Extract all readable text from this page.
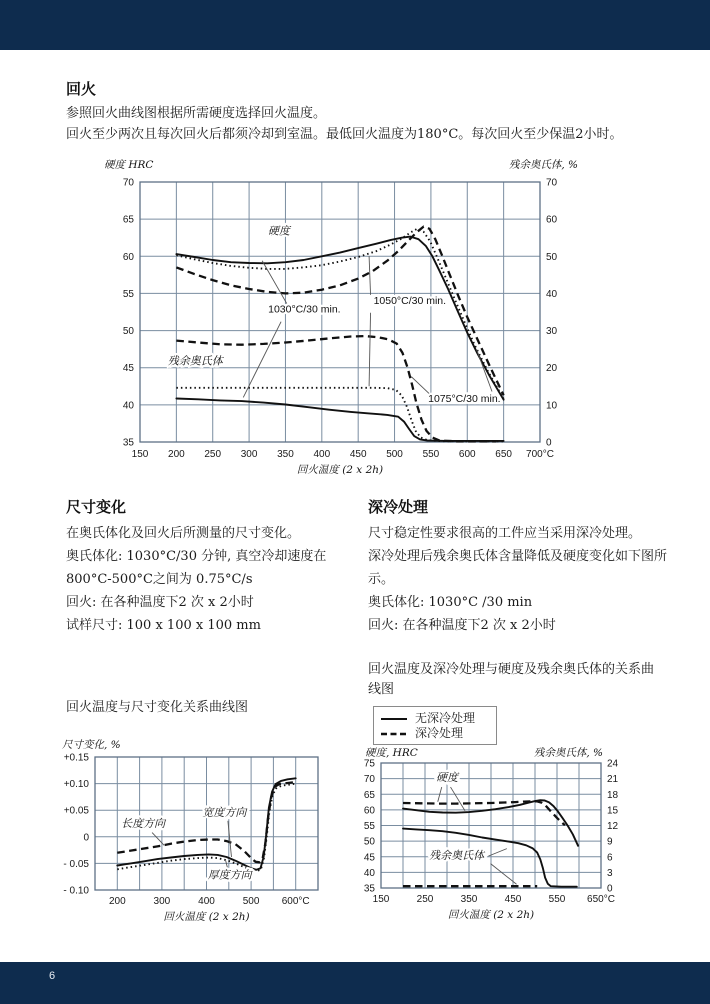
回火
参照回火曲线图根据所需硬度选择回火温度。
回火至少两次且每次回火后都须冷却到室温。最低回火温度为180°C。每次回火至少保温2小时。
150 200 250 300 350 400 450 500 550 600 650 700°C
70
65
60
55
50
45
40
35
70
60
50
40
30
20
10
0
硬度 HRC	残余奥氏体, %
回火温度 (2 x 2h)
硬度
残余奥氏体
1030°C/30 min.
1050°C/30 min.
1075°C/30 min.
尺寸变化
在奥氏体化及回火后所测量的尺寸变化。
奥氏体化: 1030°C/30 分钟, 真空冷却速度在800°C-500°C之间为 0.75°C/s
回火: 在各种温度下2 次 x 2小时
试样尺寸: 100 x 100 x 100 mm
深冷处理
尺寸稳定性要求很高的工件应当采用深冷处理。
深冷处理后残余奥氏体含量降低及硬度变化如下图所示。
奥氏体化: 1030°C /30 min
回火: 在各种温度下2 次 x 2小时
回火温度及深冷处理与硬度及残余奥氏体的关系曲线图
回火温度与尺寸变化关系曲线图
无深冷处理
深冷处理
200	300	400	500 600°C
+0.15
+0.10
+0.05
0
- 0.05
- 0.10
尺寸变化, %
回火温度 (2 x 2h)
长度方向
宽度方向
厚度方向
150	250	350	450	550 650°C
75
70
65
60
55
50
45
40
35
24
21
18
15
12
9
6
3
0
硬度, HRC	残余奥氏体, %
回火温度 (2 x 2h)
硬度
残余奥氏体
6
